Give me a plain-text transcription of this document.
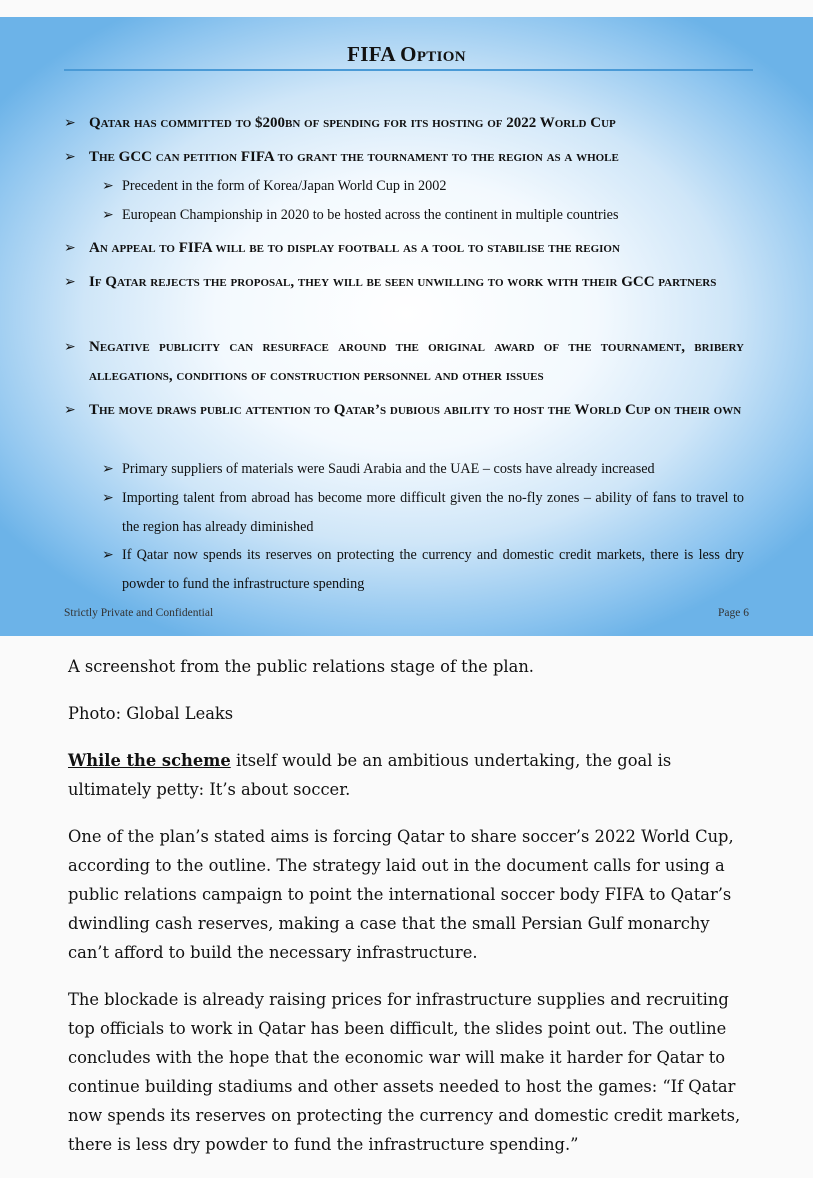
FIFA Option
➢ Qatar has committed to $200bn of spending for its hosting of 2022 World Cup
➢ The GCC can petition FIFA to grant the tournament to the region as a whole
➢ Precedent in the form of Korea/Japan World Cup in 2002
➢ European Championship in 2020 to be hosted across the continent in multiple countries
➢ An appeal to FIFA will be to display football as a tool to stabilise the region
➢ If Qatar rejects the proposal, they will be seen unwilling to work with their GCC partners
➢ Negative publicity can resurface around the original award of the tournament, bribery allegations, conditions of construction personnel and other issues
➢ The move draws public attention to Qatar’s dubious ability to host the World Cup on their own
➢ Primary suppliers of materials were Saudi Arabia and the UAE – costs have already increased
➢ Importing talent from abroad has become more difficult given the no-fly zones – ability of fans to travel to the region has already diminished
➢ If Qatar now spends its reserves on protecting the currency and domestic credit markets, there is less dry powder to fund the infrastructure spending
Strictly Private and Confidential	Page 6

A screenshot from the public relations stage of the plan.

Photo: Global Leaks

While the scheme itself would be an ambitious undertaking, the goal is ultimately petty: It’s about soccer.

One of the plan’s stated aims is forcing Qatar to share soccer’s 2022 World Cup, according to the outline. The strategy laid out in the document calls for using a public relations campaign to point the international soccer body FIFA to Qatar’s dwindling cash reserves, making a case that the small Persian Gulf monarchy can’t afford to build the necessary infrastructure.

The blockade is already raising prices for infrastructure supplies and recruiting top officials to work in Qatar has been difficult, the slides point out. The outline concludes with the hope that the economic war will make it harder for Qatar to continue building stadiums and other assets needed to host the games: “If Qatar now spends its reserves on protecting the currency and domestic credit markets, there is less dry powder to fund the infrastructure spending.”
